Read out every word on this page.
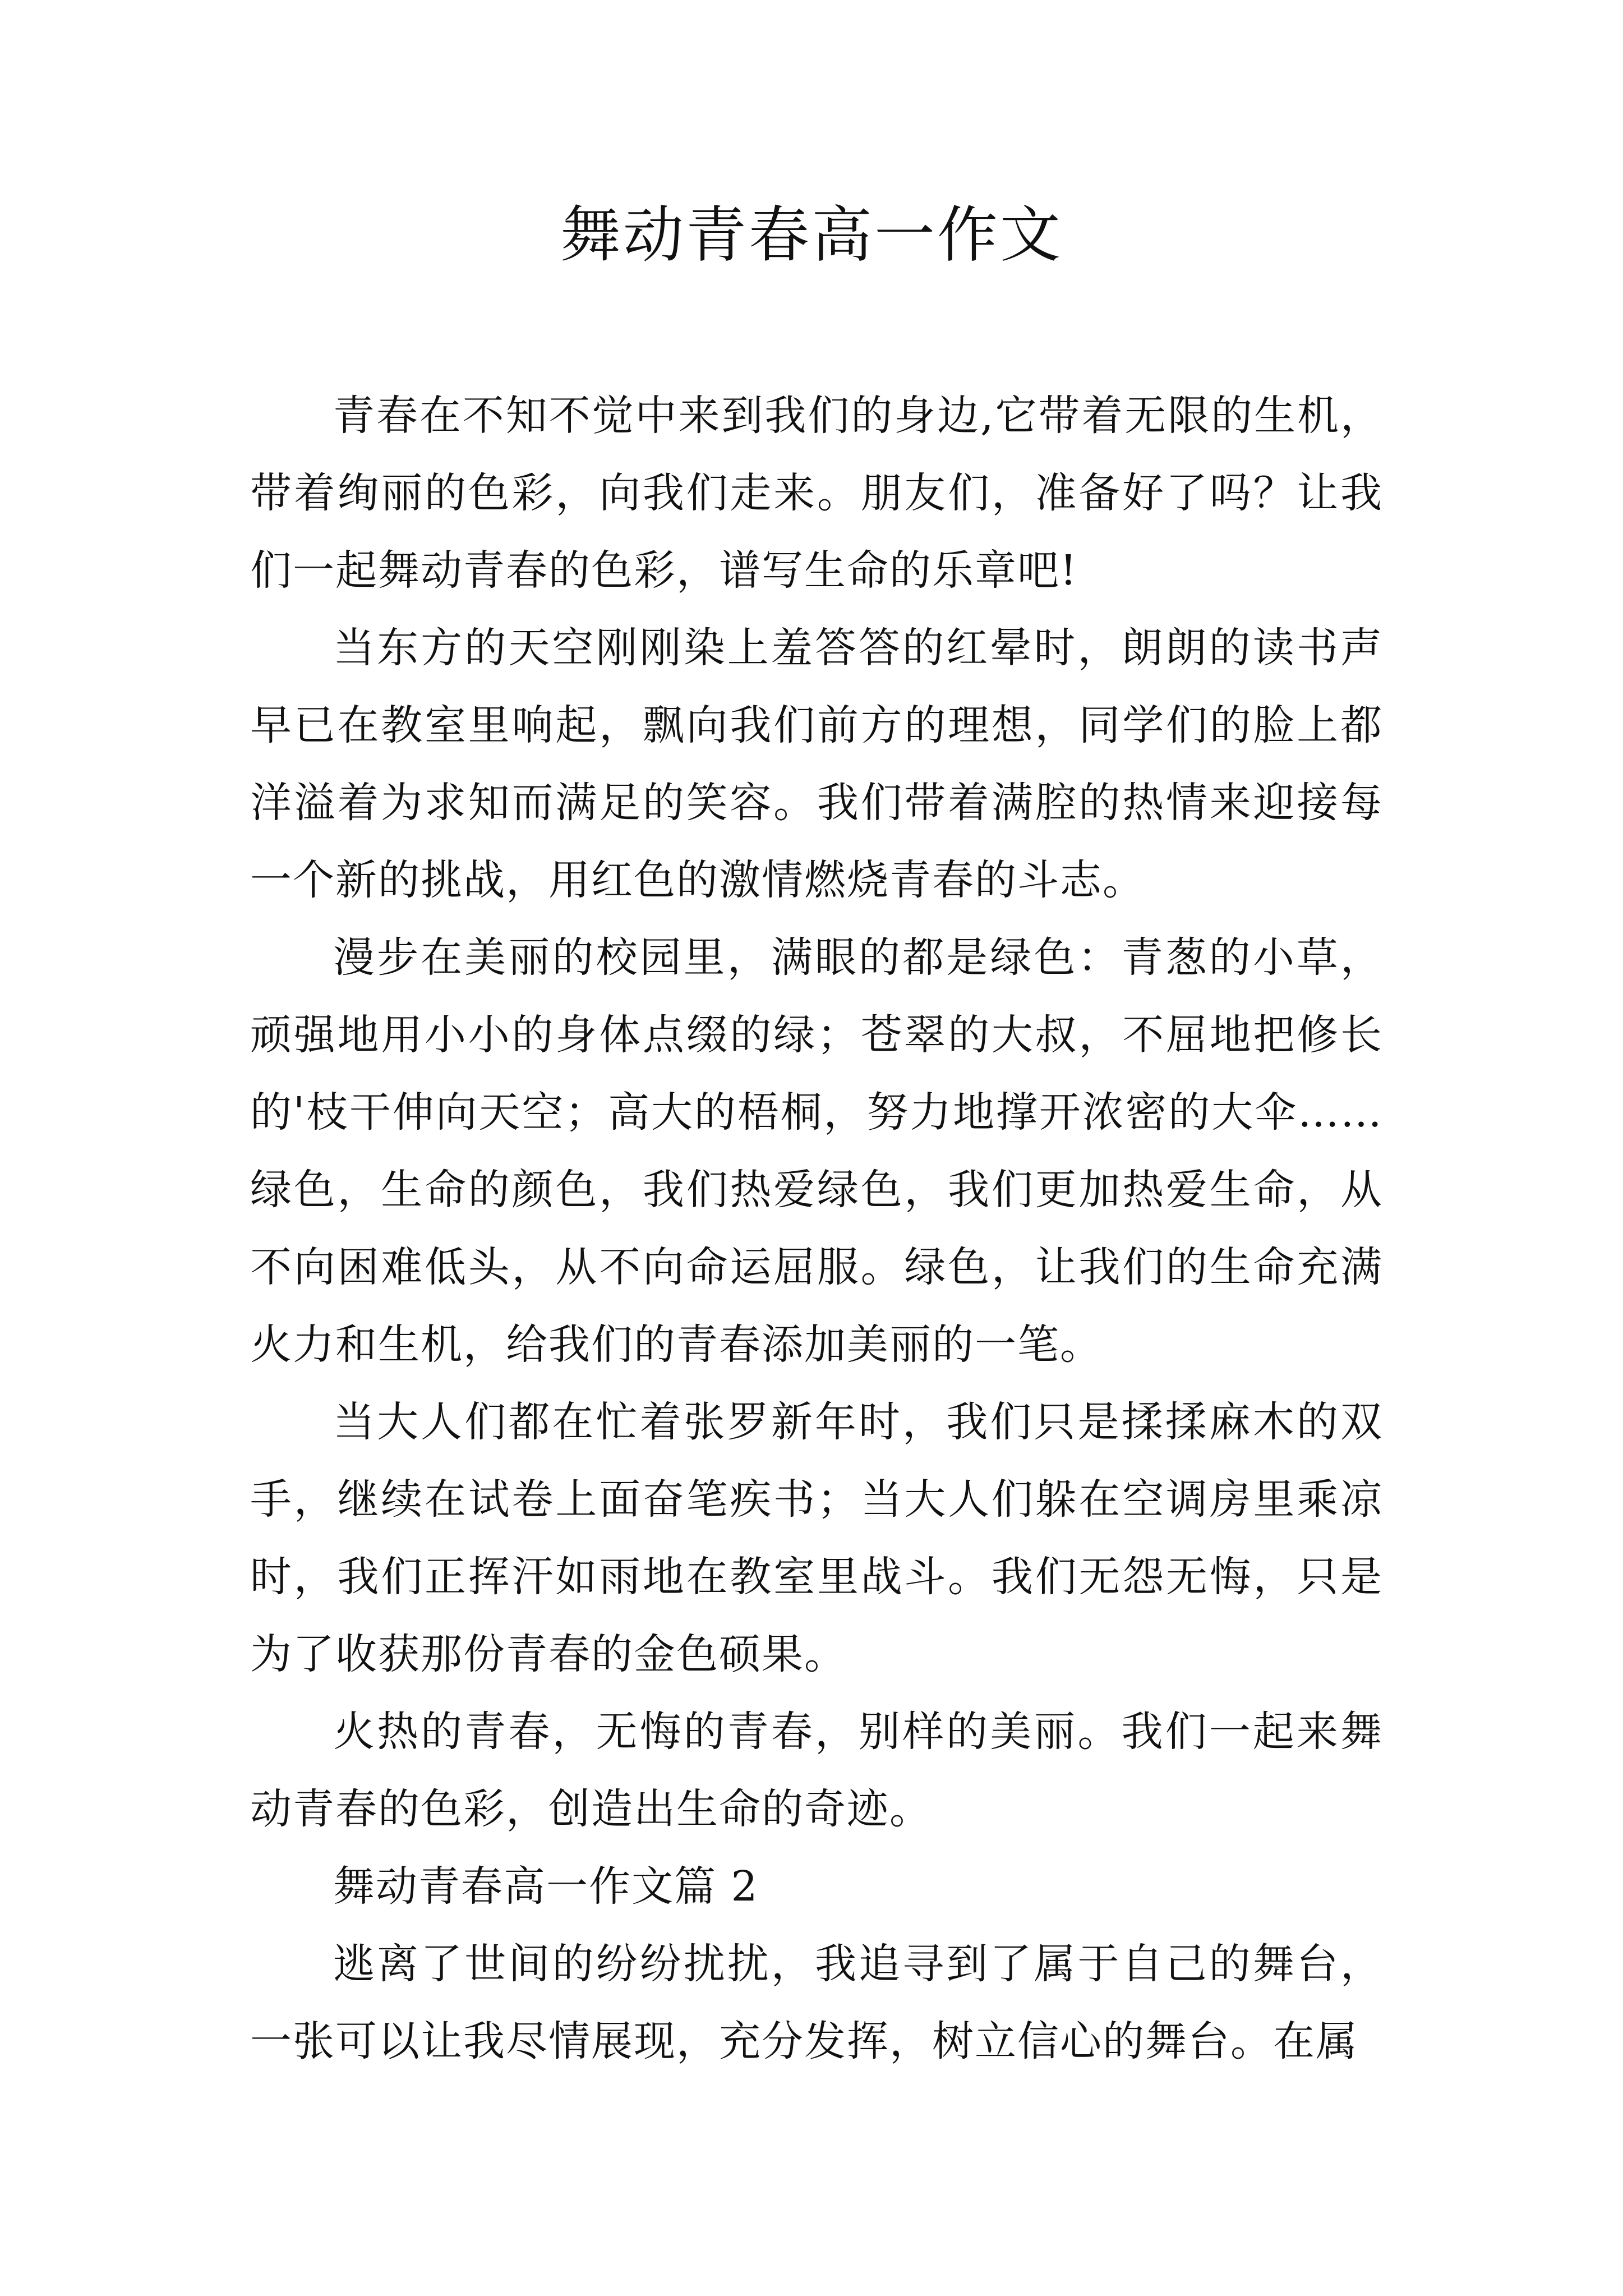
舞动青春高一作文

青春在不知不觉中来到我们的身边,它带着无限的生机，带着绚丽的色彩，向我们走来。朋友们，准备好了吗？让我们一起舞动青春的色彩，谱写生命的乐章吧!

当东方的天空刚刚染上羞答答的红晕时，朗朗的读书声早已在教室里响起，飘向我们前方的理想，同学们的脸上都洋溢着为求知而满足的笑容。我们带着满腔的热情来迎接每一个新的挑战，用红色的激情燃烧青春的斗志。

漫步在美丽的校园里，满眼的都是绿色：青葱的小草，顽强地用小小的身体点缀的绿；苍翠的大叔，不屈地把修长的'枝干伸向天空；高大的梧桐，努力地撑开浓密的大伞……绿色，生命的颜色，我们热爱绿色，我们更加热爱生命，从不向困难低头，从不向命运屈服。绿色，让我们的生命充满火力和生机，给我们的青春添加美丽的一笔。

当大人们都在忙着张罗新年时，我们只是揉揉麻木的双手，继续在试卷上面奋笔疾书；当大人们躲在空调房里乘凉时，我们正挥汗如雨地在教室里战斗。我们无怨无悔，只是为了收获那份青春的金色硕果。

火热的青春，无悔的青春，别样的美丽。我们一起来舞动青春的色彩，创造出生命的奇迹。

舞动青春高一作文篇 2

逃离了世间的纷纷扰扰，我追寻到了属于自己的舞台，一张可以让我尽情展现，充分发挥，树立信心的舞台。在属
